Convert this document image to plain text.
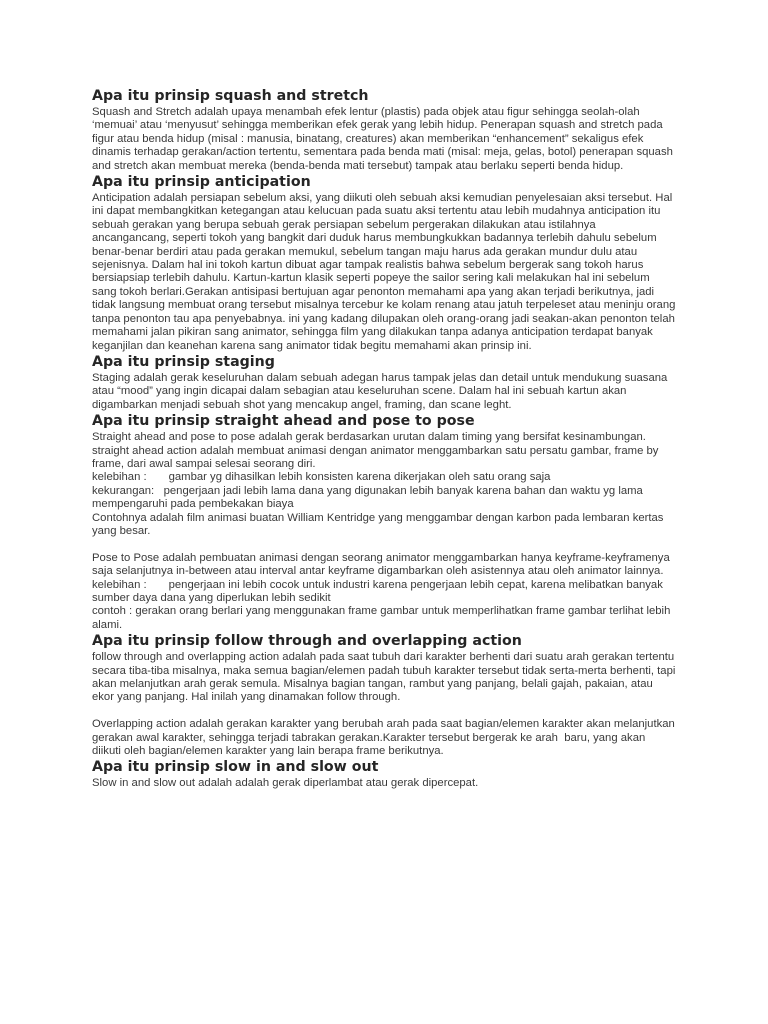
Apa itu prinsip squash and stretch

Squash and Stretch adalah upaya menambah efek lentur (plastis) pada objek atau figur sehingga seolah-olah ‘memuai’ atau ‘menyusut’ sehingga memberikan efek gerak yang lebih hidup. Penerapan squash and stretch pada figur atau benda hidup (misal : manusia, binatang, creatures) akan memberikan “enhancement” sekaligus efek dinamis terhadap gerakan/action tertentu, sementara pada benda mati (misal: meja, gelas, botol) penerapan squash and stretch akan membuat mereka (benda-benda mati tersebut) tampak atau berlaku seperti benda hidup.

Apa itu prinsip anticipation

Anticipation adalah persiapan sebelum aksi, yang diikuti oleh sebuah aksi kemudian penyelesaian aksi tersebut. Hal ini dapat membangkitkan ketegangan atau kelucuan pada suatu aksi tertentu atau lebih mudahnya anticipation itu sebuah gerakan yang berupa sebuah gerak persiapan sebelum pergerakan dilakukan atau istilahnya ancangancang, seperti tokoh yang bangkit dari duduk harus membungkukkan badannya terlebih dahulu sebelum benar-benar berdiri atau pada gerakan memukul, sebelum tangan maju harus ada gerakan mundur dulu atau sejenisnya. Dalam hal ini tokoh kartun dibuat agar tampak realistis bahwa sebelum bergerak sang tokoh harus bersiapsiap terlebih dahulu. Kartun-kartun klasik seperti popeye the sailor sering kali melakukan hal ini sebelum sang tokoh berlari.Gerakan antisipasi bertujuan agar penonton memahami apa yang akan terjadi berikutnya, jadi tidak langsung membuat orang tersebut misalnya tercebur ke kolam renang atau jatuh terpeleset atau meninju orang tanpa penonton tau apa penyebabnya. ini yang kadang dilupakan oleh orang-orang jadi seakan-akan penonton telah memahami jalan pikiran sang animator, sehingga film yang dilakukan tanpa adanya anticipation terdapat banyak keganjilan dan keanehan karena sang animator tidak begitu memahami akan prinsip ini.

Apa itu prinsip staging

Staging adalah gerak keseluruhan dalam sebuah adegan harus tampak jelas dan detail untuk mendukung suasana atau “mood” yang ingin dicapai dalam sebagian atau keseluruhan scene. Dalam hal ini sebuah kartun akan digambarkan menjadi sebuah shot yang mencakup angel, framing, dan scane leght.

Apa itu prinsip straight ahead and pose to pose

Straight ahead and pose to pose adalah gerak berdasarkan urutan dalam timing yang bersifat kesinambungan.

straight ahead action adalah membuat animasi dengan animator menggambarkan satu persatu gambar, frame by frame, dari awal sampai selesai seorang diri.

kelebihan :       gambar yg dihasilkan lebih konsisten karena dikerjakan oleh satu orang saja

kekurangan:   pengerjaan jadi lebih lama dana yang digunakan lebih banyak karena bahan dan waktu yg lama mempengaruhi pada pembekakan biaya

Contohnya adalah film animasi buatan William Kentridge yang menggambar dengan karbon pada lembaran kertas yang besar.

Pose to Pose adalah pembuatan animasi dengan seorang animator menggambarkan hanya keyframe-keyframenya saja selanjutnya in-between atau interval antar keyframe digambarkan oleh asistennya atau oleh animator lainnya.

kelebihan :       pengerjaan ini lebih cocok untuk industri karena pengerjaan lebih cepat, karena melibatkan banyak sumber daya dana yang diperlukan lebih sedikit

contoh : gerakan orang berlari yang menggunakan frame gambar untuk memperlihatkan frame gambar terlihat lebih alami.

Apa itu prinsip follow through and overlapping action

follow through and overlapping action adalah pada saat tubuh dari karakter berhenti dari suatu arah gerakan tertentu secara tiba-tiba misalnya, maka semua bagian/elemen padah tubuh karakter tersebut tidak serta-merta berhenti, tapi akan melanjutkan arah gerak semula. Misalnya bagian tangan, rambut yang panjang, belali gajah, pakaian, atau ekor yang panjang. Hal inilah yang dinamakan follow through.

Overlapping action adalah gerakan karakter yang berubah arah pada saat bagian/elemen karakter akan melanjutkan gerakan awal karakter, sehingga terjadi tabrakan gerakan.Karakter tersebut bergerak ke arah  baru, yang akan diikuti oleh bagian/elemen karakter yang lain berapa frame berikutnya.

Apa itu prinsip slow in and slow out

Slow in and slow out adalah adalah gerak diperlambat atau gerak dipercepat.
